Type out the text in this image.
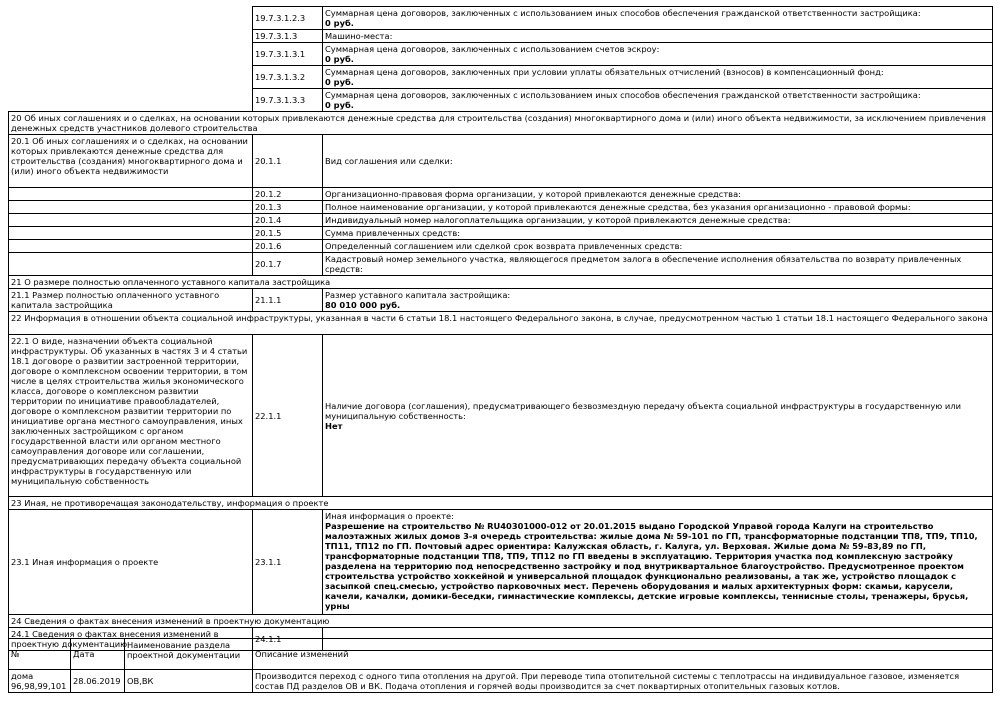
	19.7.3.1.2.3	Суммарная цена договоров, заключенных с использованием иных способов обеспечения гражданской ответственности застройщика:
0 руб.
	19.7.3.1.3	Машино-места:
	19.7.3.1.3.1	Суммарная цена договоров, заключенных с использованием счетов эскроу:
0 руб.
	19.7.3.1.3.2	Суммарная цена договоров, заключенных при условии уплаты обязательных отчислений (взносов) в компенсационный фонд:
0 руб.
	19.7.3.1.3.3	Суммарная цена договоров, заключенных с использованием иных способов обеспечения гражданской ответственности застройщика:
0 руб.
20 Об иных соглашениях и о сделках, на основании которых привлекаются денежные средства для строительства (создания) многоквартирного дома и (или) иного объекта недвижимости, за исключением привлечения денежных средств участников долевого строительства		
20.1 Об иных соглашениях и о сделках, на основании которых привлекаются денежные средства для строительства (создания) многоквартирного дома и (или) иного объекта недвижимости	20.1.1	Вид соглашения или сделки:
	20.1.2	Организационно-правовая форма организации, у которой привлекаются денежные средства:
	20.1.3	Полное наименование организации, у которой привлекаются денежные средства, без указания организационно - правовой формы:
	20.1.4	Индивидуальный номер налогоплательщика организации, у которой привлекаются денежные средства:
	20.1.5	Сумма привлеченных средств:
	20.1.6	Определенный соглашением или сделкой срок возврата привлеченных средств:
	20.1.7	Кадастровый номер земельного участка, являющегося предметом залога в обеспечение исполнения обязательства по возврату привлеченных средств:
21 О размере полностью оплаченного уставного капитала застройщика		
21.1 Размер полностью оплаченного уставного капитала застройщика	21.1.1	Размер уставного капитала застройщика:
80 010 000 руб.
22 Информация в отношении объекта социальной инфраструктуры, указанная в части 6 статьи 18.1 настоящего Федерального закона, в случае, предусмотренном частью 1 статьи 18.1 настоящего Федерального закона		
22.1 О виде, назначении объекта социальной инфраструктуры. Об указанных в частях 3 и 4 статьи 18.1 договоре о развитии застроенной территории, договоре о комплексном освоении территории, в том числе в целях строительства жилья экономического класса, договоре о комплексном развитии территории по инициативе правообладателей, договоре о комплексном развитии территории по инициативе органа местного самоуправления, иных заключенных застройщиком с органом государственной власти или органом местного самоуправления договоре или соглашении, предусматривающих передачу объекта социальной инфраструктуры в государственную или муниципальную собственность	22.1.1	Наличие договора (соглашения), предусматривающего безвозмездную передачу объекта социальной инфраструктуры в государственную или муниципальную собственность:
Нет
23 Иная, не противоречащая законодательству, информация о проекте		
23.1 Иная информация о проекте	23.1.1	Иная информация о проекте:
Разрешение на строительство № RU40301000-012 от 20.01.2015 выдано Городской Управой города Калуги на строительство малоэтажных жилых домов 3-я очередь строительства: жилые дома № 59-101 по ГП, трансформаторные подстанции ТП8, ТП9, ТП10, ТП11, ТП12 по ГП. Почтовый адрес ориентира: Калужская область, г. Калуга, ул. Верховая. Жилые дома № 59-83,89 по ГП, трансформаторные подстанции ТП8, ТП9, ТП12 по ГП введены в эксплуатацию. Территория участка под комплексную застройку разделена на территорию под непосредственно застройку и под внутриквартальное благоустройство. Предусмотренное проектом строительства устройство хоккейной и универсальной площадок функционально реализованы, а так же, устройство площадок с засыпкой спец.смесью, устройство парковочных мест. Перечень оборудования и малых архитектурных форм: скамьи, карусели, качели, качалки, домики-беседки, гимнастические комплексы, детские игровые комплексы, теннисные столы, тренажеры, брусья, урны
24 Сведения о фактах внесения изменений в проектную документацию		
24.1 Сведения о фактах внесения изменений в проектную документацию	24.1.1	
№	Дата	Наименование раздела проектной документации	Описание изменений
дома 96,98,99,101	28.06.2019	ОВ,ВК	Производится переход с одного типа отопления на другой. При переводе типа отопительной системы с теплотрассы на индивидуальное газовое, изменяется состав ПД разделов ОВ и ВК. Подача отопления и горячей воды производится за счет поквартирных отопительных газовых котлов.
